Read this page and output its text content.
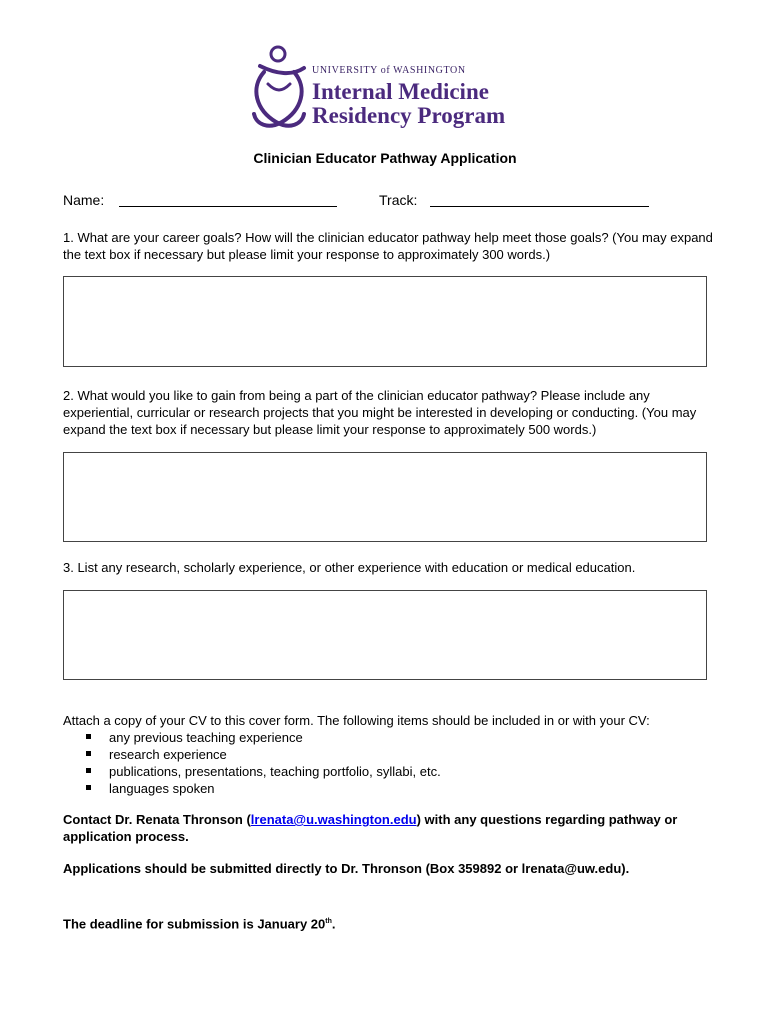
UNIVERSITY of WASHINGTON
Internal Medicine
Residency Program
Clinician Educator Pathway Application
Name:	Track:
1. What are your career goals? How will the clinician educator pathway help meet those goals? (You may expand the text box if necessary but please limit your response to approximately 300 words.)
2. What would you like to gain from being a part of the clinician educator pathway? Please include any experiential, curricular or research projects that you might be interested in developing or conducting. (You may expand the text box if necessary but please limit your response to approximately 500 words.)
3. List any research, scholarly experience, or other experience with education or medical education.
Attach a copy of your CV to this cover form. The following items should be included in or with your CV:
any previous teaching experience
research experience
publications, presentations, teaching portfolio, syllabi, etc.
languages spoken
Contact Dr. Renata Thronson (lrenata@u.washington.edu) with any questions regarding pathway or application process.
Applications should be submitted directly to Dr. Thronson (Box 359892 or lrenata@uw.edu).
The deadline for submission is January 20th.
